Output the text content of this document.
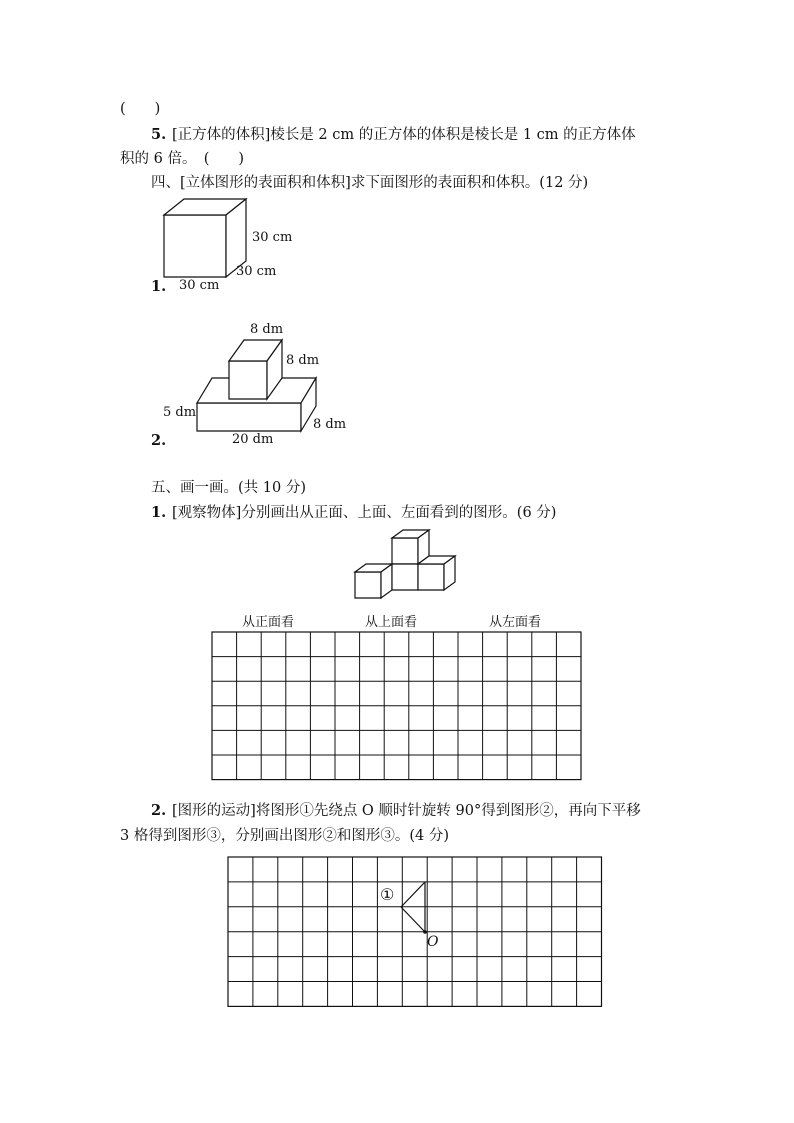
(　　)
5. [正方体的体积]棱长是 2 cm 的正方体的体积是棱长是 1 cm 的正方体体
积的 6 倍。　(　　)
四、[立体图形的表面积和体积]求下面图形的表面积和体积。(12 分)
30 cm
30 cm
1. 30 cm
8 dm
8 dm
5 dm
8 dm
2.	20 dm
五、画一画。(共 10 分)
1. [观察物体]分别画出从正面、上面、左面看到的图形。(6 分)
从正面看	从上面看	从左面看
2. [图形的运动]将图形①先绕点 O 顺时针旋转 90°得到图形②，再向下平移
3 格得到图形③，分别画出图形②和图形③。(4 分)
①
O
